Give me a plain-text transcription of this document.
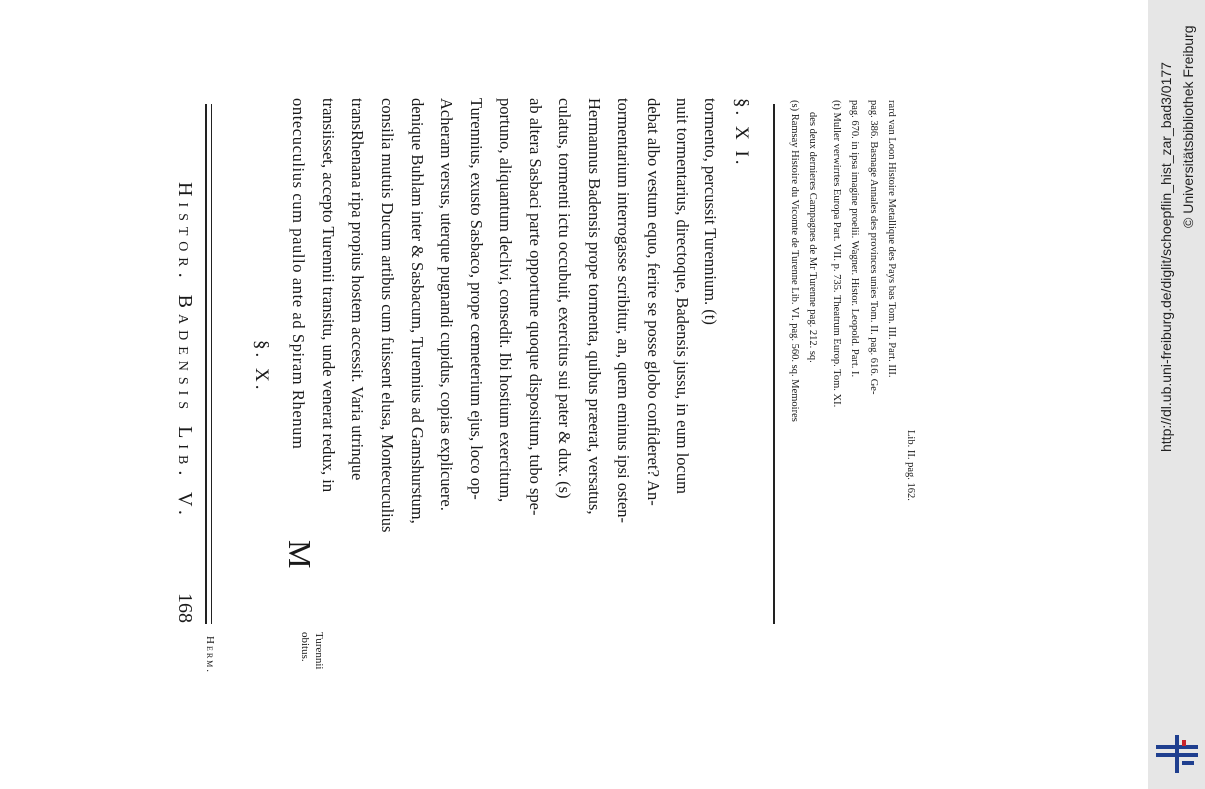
Herm.
168
Histor. Badensis Lib. V.
Turennii
obitus.
§. X.
M
ontecuculius cum paullo ante ad Spiram Rhenum transiisset, accepto Turennii transitu, unde venerat redux, in transRhenana ripa propius hostem accessit. Varia utrinque consilia mutuis Ducum artibus cum fuissent elusa, Montecuculius denique Buhlam inter & Sasbacum, Turennius ad Gamshurstum, Acheram versus, uterque pugnandi cupidus, copias explicuere. Turennius, exusto Sasbaco, prope cœmeterium ejus, loco op- portuno, aliquantum declivi, consedit. Ibi hostium exercitum, ab altera Sasbaci parte opportune quoque dispositum, tubo spe- culatus, tormenti ictu occubuit, exercitus sui pater & dux. (s) Hermannus Badensis prope tormenta, quibus præerat, versatus, tormentarium interrogasse scribitur, an, quem eminus ipsi osten- debat albo vestum equo, ferire se posse globo confideret? An- nuit tormentarius, directoque, Badensis jussu, in eum locum tormento, percussit Turennium. (t) §. X I.	(s) Ramsay Histoire du Vicomte de Turenne Lib. VI. pag. 560. sq. Memoires des deux dernieres Campagnes de Mr Turenne pag. 212. sq. (t) Muller verwirrtes Europa Part. VII. p. 735. Theatrum Europ. Tom. XI. pag. 670. in ipsa imagine proelii. Wagner. Histor. Leopold. Part. I. pag. 386. Basnage Annales des provinces unies Tom. II. pag. 616. Ge- rard van Loon Histoire Metallique des Pays bas Tom. III. Part. III.
Lib. II. pag. 162.
http://dl.ub.uni-freiburg.de/diglit/schoepflin_hist_zar_bad3/0177 © Universitätsbibliothek Freiburg
